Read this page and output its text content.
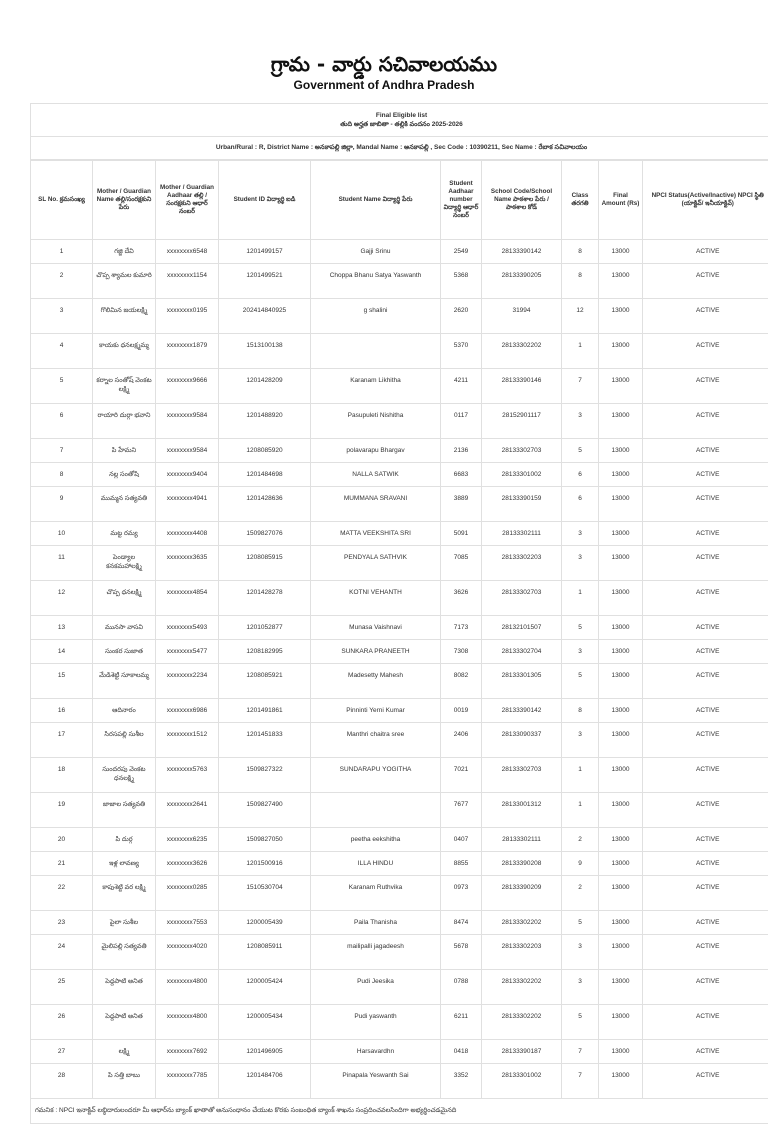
గ్రామ - వార్డు సచివాలయము
Government of Andhra Pradesh
Final Eligible list
తుది అర్హత జాబితా - తల్లికి వందనం 2025-2026
Urban/Rural : R, District Name : అనకాపల్లి జిల్లా, Mandal Name : అనకాపల్లి , Sec Code : 10390211, Sec Name : రేబాక సచివాలయం
SL No. క్రమసంఖ్య	Mother / Guardian Name తల్లి/సంరక్షకుని పేరు	Mother / Guardian Aadhaar తల్లి / సంరక్షకుని ఆధార్ నంబర్	Student ID విద్యార్థి ఐడి	Student Name విద్యార్థి పేరు	Student Aadhaar number విద్యార్థి ఆధార్ నంబర్	School Code/School Name పాఠశాల పేరు / పాఠశాల కోడ్	Class తరగతి	Final Amount (Rs)	NPCI Status(Active/Inactive) NPCI స్థితి (యాక్టివ్/ ఇనీయాక్టివ్)
1	గజ్జి దేవి	xxxxxxxx6548	1201499157	Gajji Srinu	2549	28133390142	8	13000	ACTIVE
2	చొప్ప శ్యామల కుమారి	xxxxxxxx1154	1201499521	Choppa Bhanu Satya Yaswanth	5368	28133390205	8	13000	ACTIVE
3	గొలిమిన జయలక్ష్మి	xxxxxxxx0195	202414840925	g shalini	2620	31994	12	13000	ACTIVE
4	కాయకు ధనలక్ష్మమ్మ	xxxxxxxx1879	1513100138		5370	28133302202	1	13000	ACTIVE
5	కర్నాల సంతోష్ వెంకట లక్ష్మి	xxxxxxxx9666	1201428209	Karanam Likhitha	4211	28133390146	7	13000	ACTIVE
6	రాయారి దుర్గా భవాని	xxxxxxxx9584	1201488920	Pasupuleti Nishitha	0117	28152901117	3	13000	ACTIVE
7	పి హేమని	xxxxxxxx9584	1208085920	polavarapu Bhargav	2136	28133302703	5	13000	ACTIVE
8	నల్ల సంతోషి	xxxxxxxx9404	1201484698	NALLA SATWIK	6683	28133301002	6	13000	ACTIVE
9	ముమ్మన సత్యవతి	xxxxxxxx4941	1201428636	MUMMANA SRAVANI	3889	28133390159	6	13000	ACTIVE
10	మట్ట రమ్య	xxxxxxxx4408	1509827076	MATTA VEEKSHITA SRI	5091	28133302111	3	13000	ACTIVE
11	పెండ్యాల కనకమహాలక్ష్మి	xxxxxxxx3635	1208085915	PENDYALA SATHVIK	7085	28133302203	3	13000	ACTIVE
12	చొప్ప ధనలక్ష్మి	xxxxxxxx4854	1201428278	KOTNI VEHANTH	3626	28133302703	1	13000	ACTIVE
13	మునసా వాసవి	xxxxxxxx5493	1201052877	Munasa Vaishnavi	7173	28132101507	5	13000	ACTIVE
14	సుంకర సుజాత	xxxxxxxx5477	1208182995	SUNKARA PRANEETH	7308	28133302704	3	13000	ACTIVE
15	మేడిశెట్టి సూకాలమ్మ	xxxxxxxx2234	1208085921	Madesetty Mahesh	8082	28133301305	5	13000	ACTIVE
16	ఆదినారం	xxxxxxxx6986	1201491861	Pinninti Yerni Kumar	0019	28133390142	8	13000	ACTIVE
17	సిరసపల్లి సుశీల	xxxxxxxx1512	1201451833	Manthri chaitra sree	2406	28133090337	3	13000	ACTIVE
18	సుందరపు వెంకట ధనలక్ష్మి	xxxxxxxx5763	1509827322	SUNDARAPU YOGITHA	7021	28133302703	1	13000	ACTIVE
19	జాజాల సత్యవతి	xxxxxxxx2641	1509827490		7677	28133001312	1	13000	ACTIVE
20	పి దుర్గ	xxxxxxxx6235	1509827050	peetha eekshitha	0407	28133302111	2	13000	ACTIVE
21	ఇళ్ల లావణ్య	xxxxxxxx3626	1201500916	ILLA HINDU	8855	28133390208	9	13000	ACTIVE
22	కాపుశెట్టి వర లక్ష్మి	xxxxxxxx0285	1510530704	Karanam Ruthvika	0973	28133390209	2	13000	ACTIVE
23	పైలా సుశీల	xxxxxxxx7553	1200005439	Paila Thanisha	8474	28133302202	5	13000	ACTIVE
24	మైలిపల్లి సత్యవతి	xxxxxxxx4020	1208085911	mailipalli jagadeesh	5678	28133302203	3	13000	ACTIVE
25	పెద్దపాటి అనిత	xxxxxxxx4800	1200005424	Pudi Jeesika	0788	28133302202	3	13000	ACTIVE
26	పెద్దపాటి అనిత	xxxxxxxx4800	1200005434	Pudi yaswanth	6211	28133302202	5	13000	ACTIVE
27	లక్ష్మి	xxxxxxxx7692	1201496905	Harsavardhn	0418	28133390187	7	13000	ACTIVE
28	పి సత్తి బాబు	xxxxxxxx7785	1201484706	Pinapala Yeswanth Sai	3352	28133301002	7	13000	ACTIVE
గమనిక : NPCI ఇనాక్టివ్ లబ్ధిదారులందరూ మీ ఆధార్‌ను బ్యాంక్ ఖాతాతో అనుసంధానం చేయుట కొరకు సంబంధిత బ్యాంక్ శాఖను సంప్రదించవలసిందిగా అభ్యర్థించడమైనది
